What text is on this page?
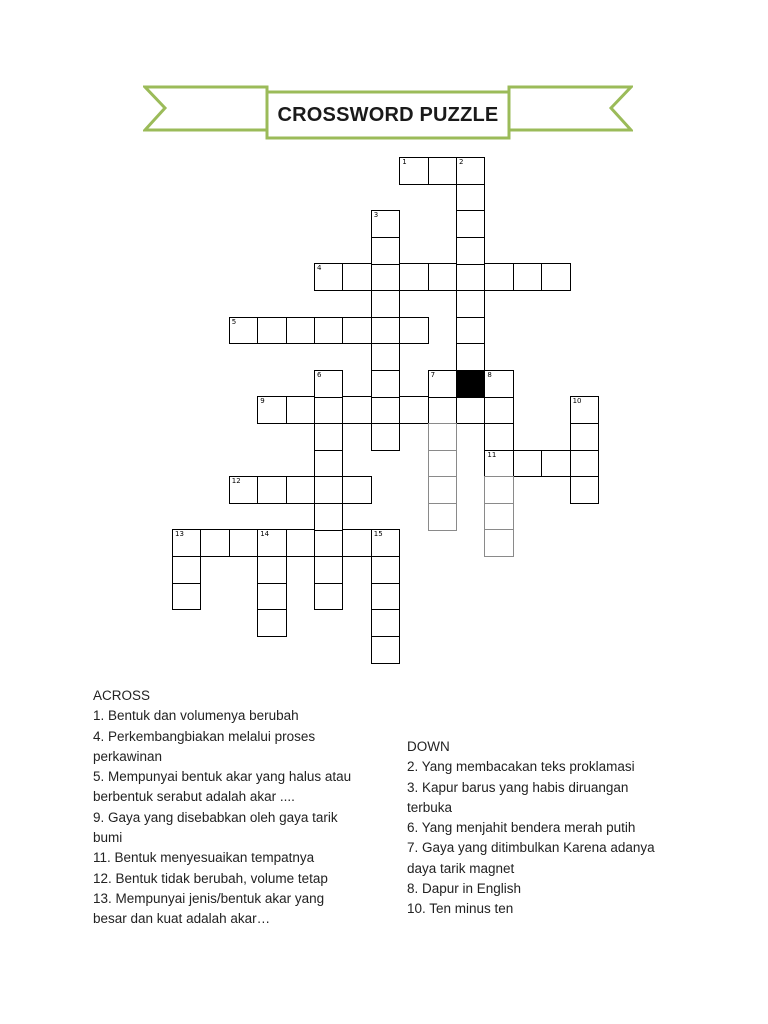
CROSSWORD PUZZLE
1	2
4
5
9
11
12
13	14	15
3
6	7	8
10

ACROSS

1. Bentuk dan volumenya berubah

4. Perkembangbiakan melalui proses perkawinan

5. Mempunyai bentuk akar yang halus atau berbentuk serabut adalah akar ....

9. Gaya yang disebabkan oleh gaya tarik bumi

11. Bentuk menyesuaikan tempatnya

12. Bentuk tidak berubah, volume tetap

13. Mempunyai jenis/bentuk akar yang besar dan kuat adalah akar…

DOWN

2. Yang membacakan teks proklamasi

3. Kapur barus yang habis diruangan terbuka

6. Yang menjahit bendera merah putih

7. Gaya yang ditimbulkan Karena adanya daya tarik magnet

8. Dapur in English

10. Ten minus ten
